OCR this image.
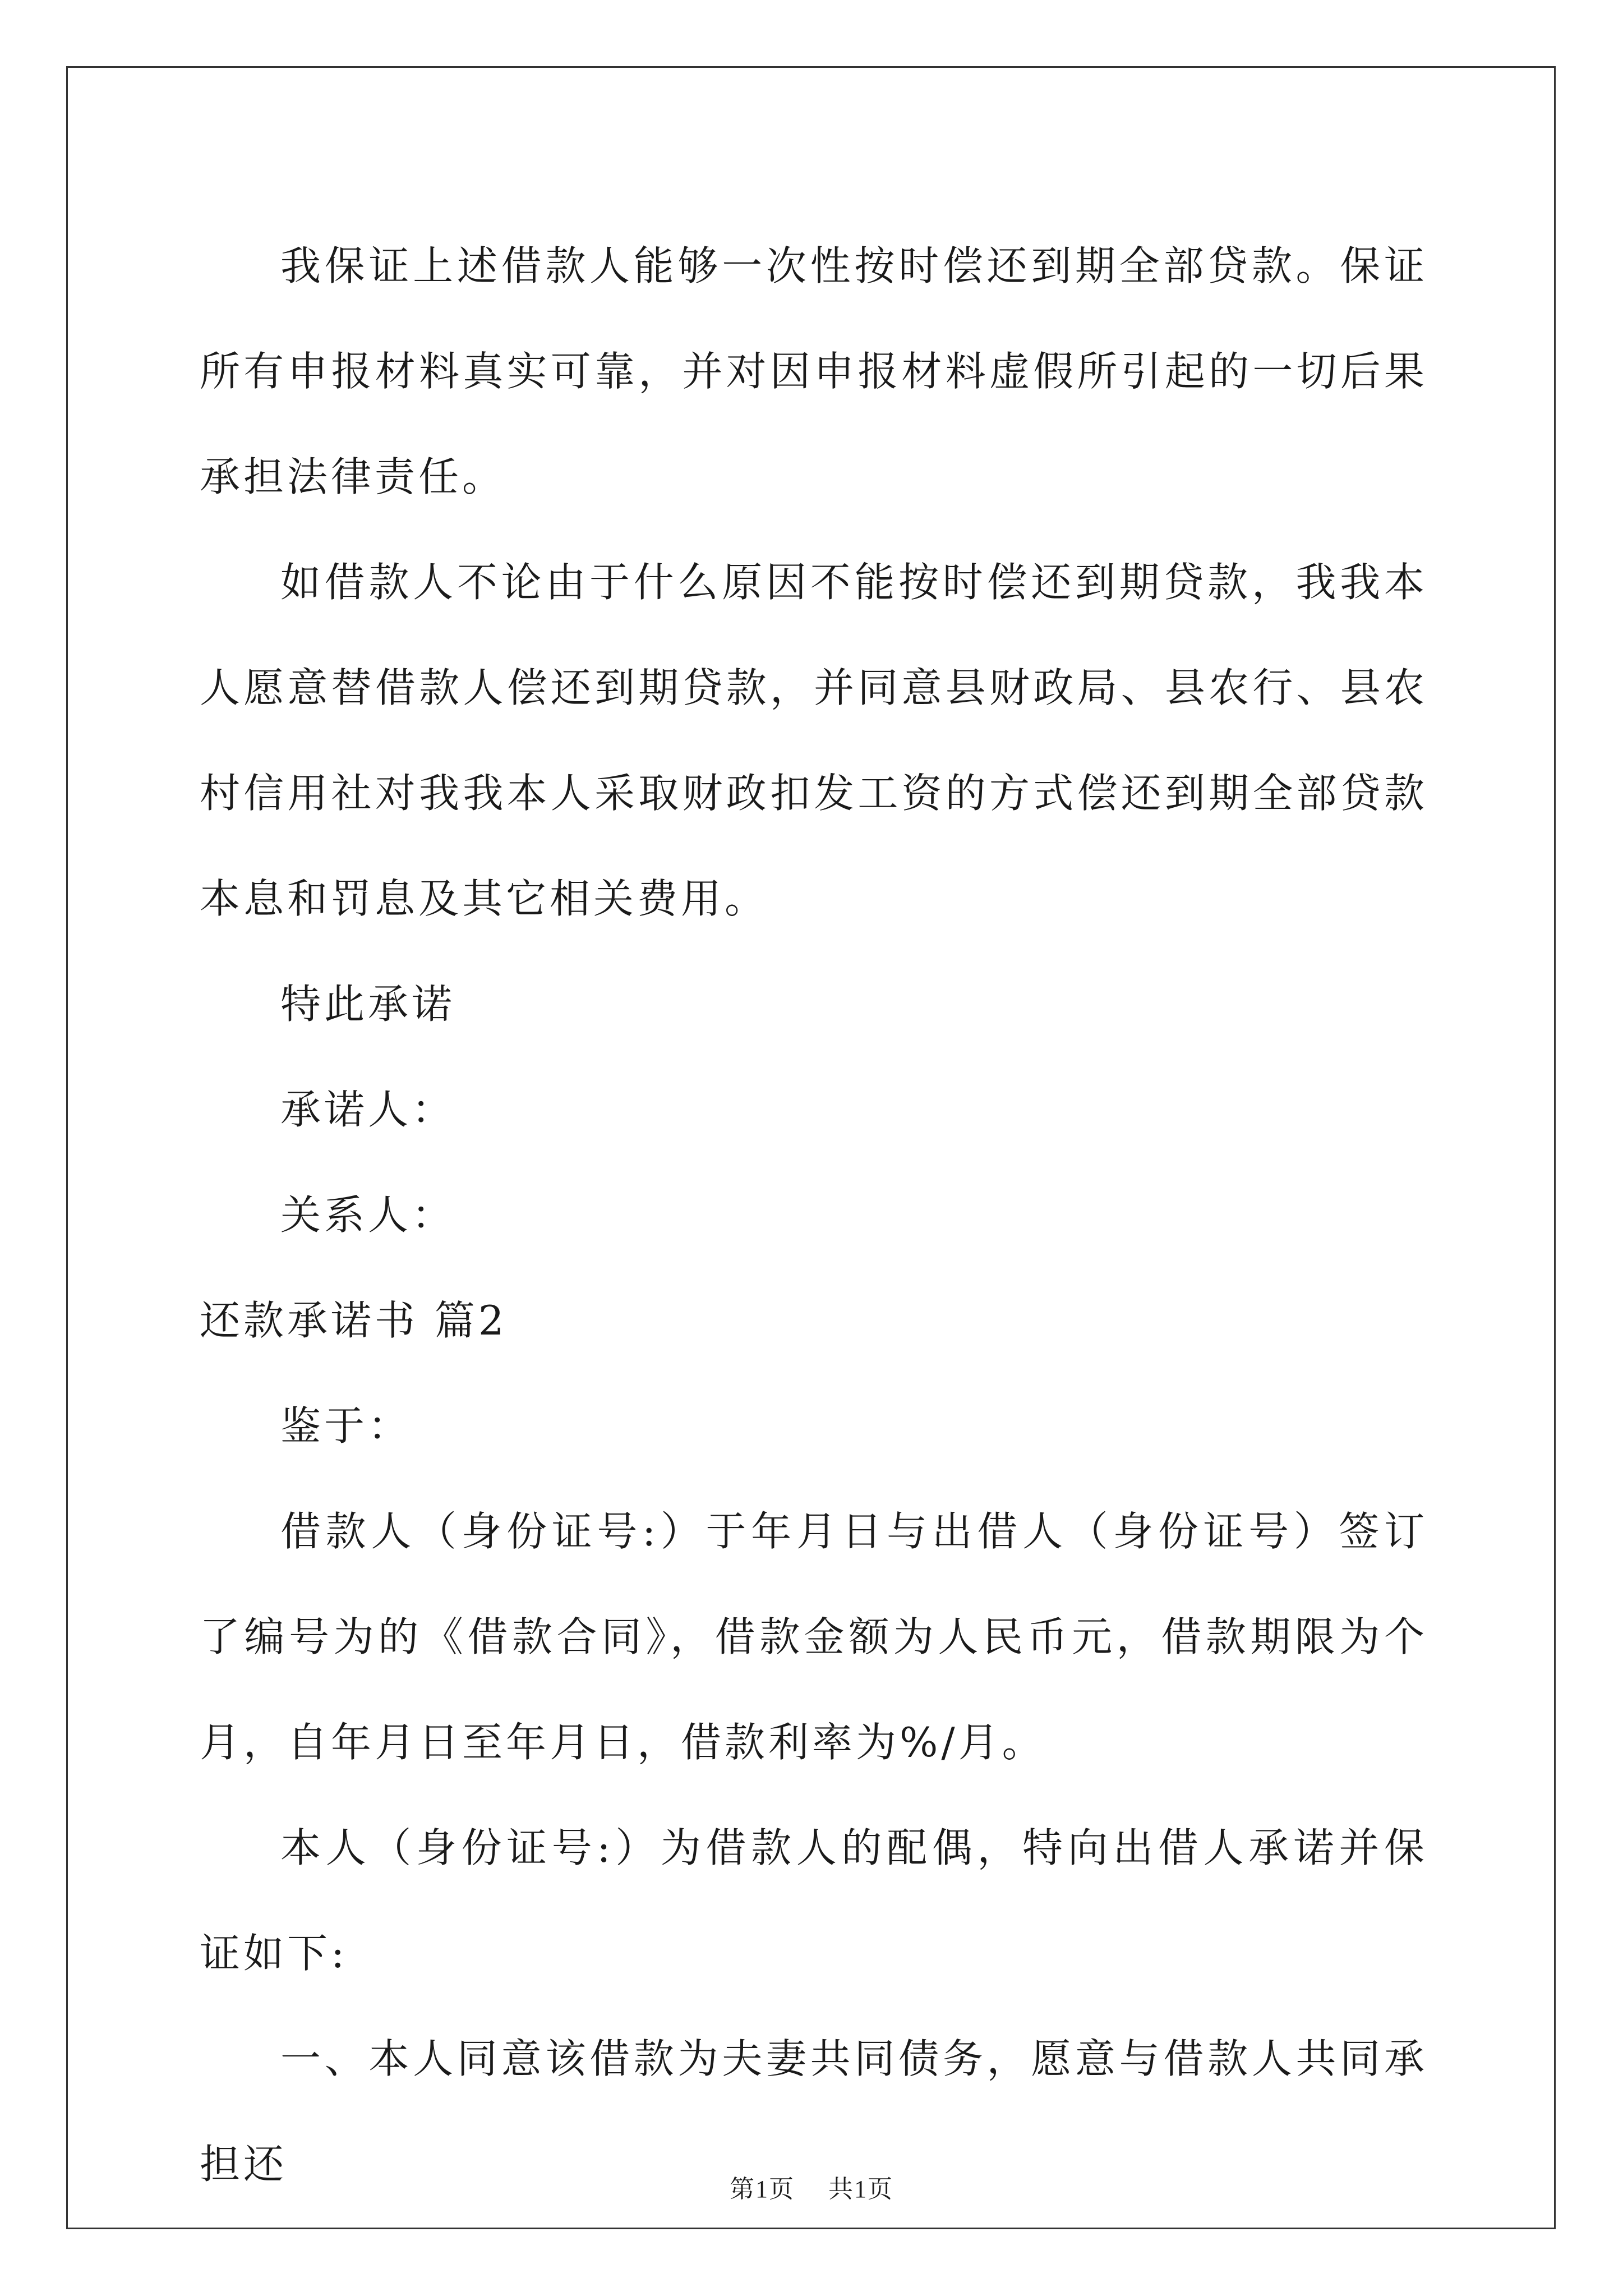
我保证上述借款人能够一次性按时偿还到期全部贷款。保证所有申报材料真实可靠，并对因申报材料虚假所引起的一切后果承担法律责任。

如借款人不论由于什么原因不能按时偿还到期贷款，我我本人愿意替借款人偿还到期贷款，并同意县财政局、县农行、县农村信用社对我我本人采取财政扣发工资的方式偿还到期全部贷款本息和罚息及其它相关费用。

特此承诺

承诺人：

关系人：

还款承诺书 篇2

鉴于：

借款人（身份证号:）于年月日与出借人（身份证号）签订了编号为的《借款合同》，借款金额为人民币元，借款期限为个月，自年月日至年月日，借款利率为%/月。

本人（身份证号:）为借款人的配偶，特向出借人承诺并保证如下:

一、本人同意该借款为夫妻共同债务，愿意与借款人共同承担还

第1页 共1页
